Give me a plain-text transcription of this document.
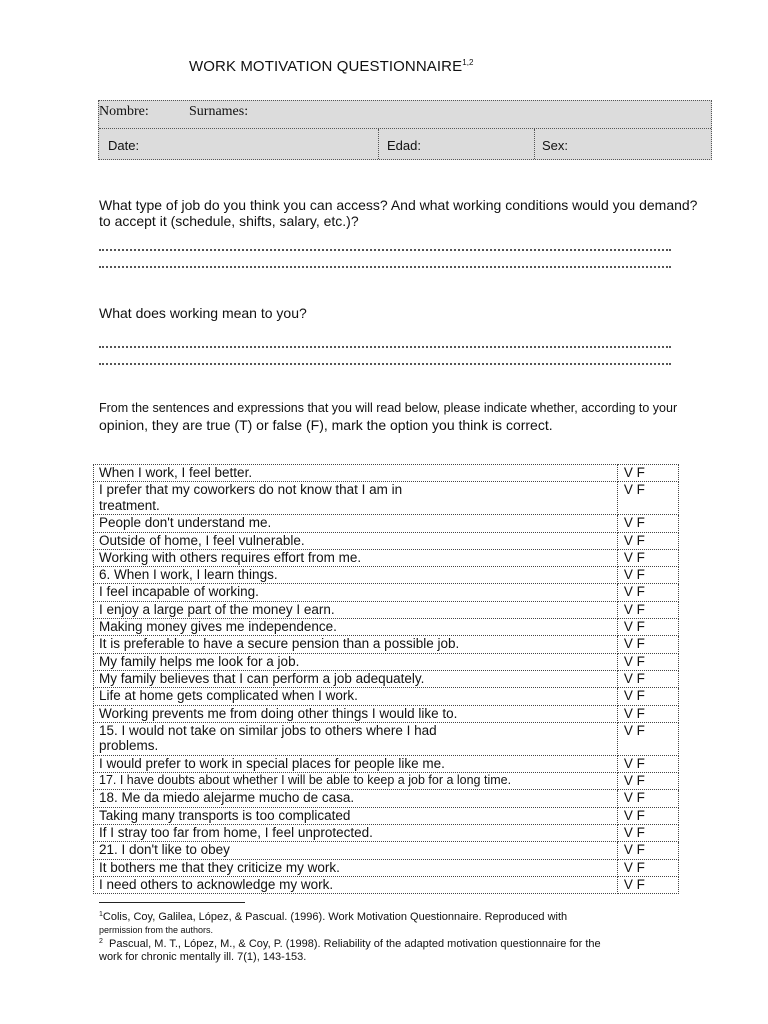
WORK MOTIVATION QUESTIONNAIRE$^{1,2}$
Nombre:	Surnames:
Date:	Edad:	Sex:
What type of job do you think you can access? And what working conditions would you demand? to accept it (schedule, shifts, salary, etc.)?
What does working mean to you?
From the sentences and expressions that you will read below, please indicate whether, according to your
opinion, they are true (T) or false (F), mark the option you think is correct.
When I work, I feel better.	V F
I prefer that my coworkers do not know that I am in treatment.	V F
People don't understand me.	V F
Outside of home, I feel vulnerable.	V F
Working with others requires effort from me.	V F
6. When I work, I learn things.	V F
I feel incapable of working.	V F
I enjoy a large part of the money I earn.	V F
Making money gives me independence.	V F
It is preferable to have a secure pension than a possible job.	V F
My family helps me look for a job.	V F
My family believes that I can perform a job adequately.	V F
Life at home gets complicated when I work.	V F
Working prevents me from doing other things I would like to.	V F
15. I would not take on similar jobs to others where I had problems.	V F
I would prefer to work in special places for people like me.	V F
17. I have doubts about whether I will be able to keep a job for a long time.	V F
18. Me da miedo alejarme mucho de casa.	V F
Taking many transports is too complicated	V F
If I stray too far from home, I feel unprotected.	V F
21. I don't like to obey	V F
It bothers me that they criticize my work.	V F
I need others to acknowledge my work.	V F
$^1$Colis, Coy, Galilea, López, & Pascual. (1996). Work Motivation Questionnaire. Reproduced with
permission from the authors.
$^2$ Pascual, M. T., López, M., & Coy, P. (1998). Reliability of the adapted motivation questionnaire for the
work for chronic mentally ill. 7(1), 143-153.
